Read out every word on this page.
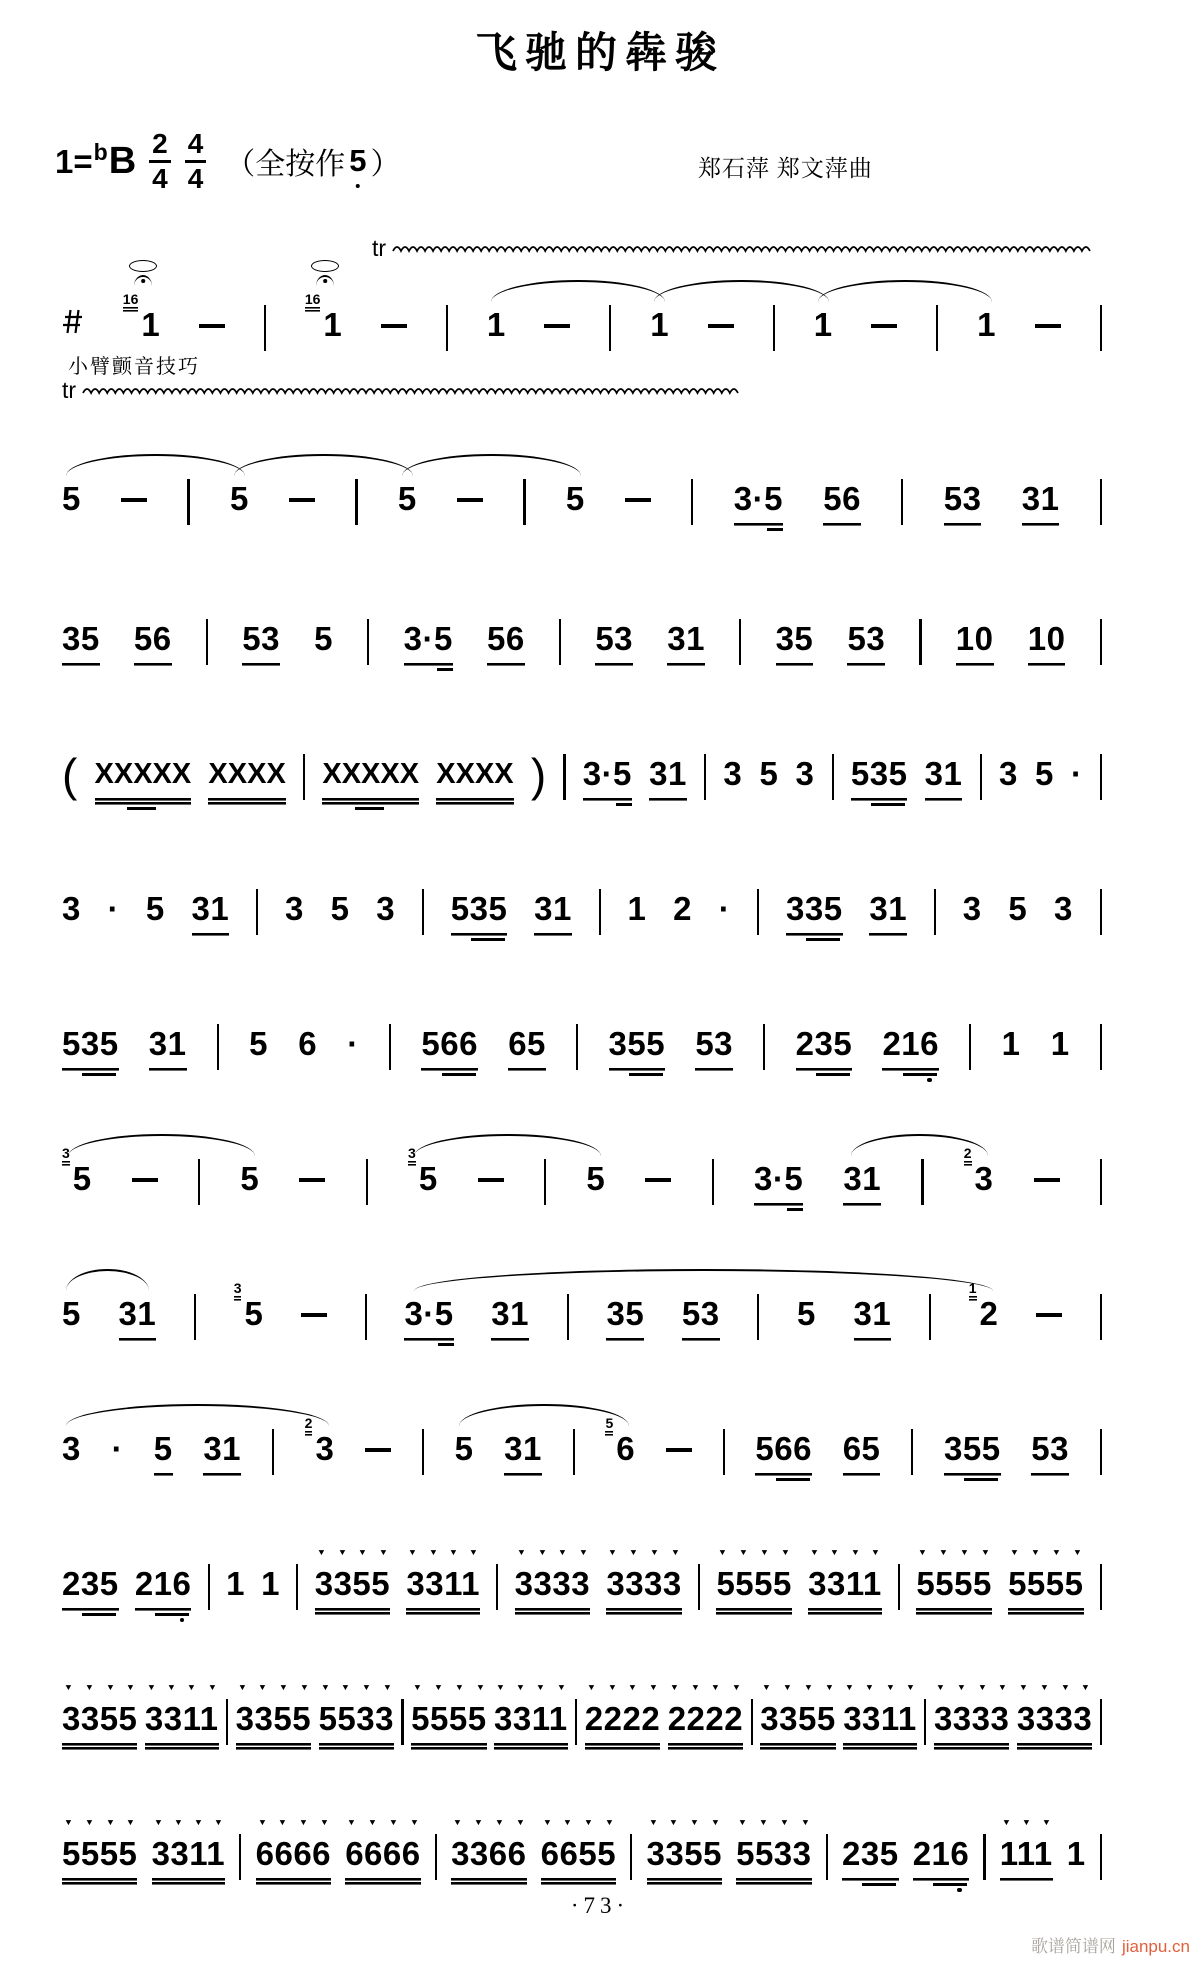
飞驰的犇骏
1=bB 2
4
4
4 （ 全按作 5 ）	郑石萍 郑文萍曲
tr
小臂颤音技巧
tr
16
1
16
1	1	1	1	1
5	5	5	5	3·5 56	53 31
35 56 53 5 3·5 56 53 31 35 53 10 10
( XXXXX XXXX XXXXX XXXX ) 3·5 31 3 5 3 535 31 3 5 ·
3 · 5 31 3 5 3 535 31 1 2 · 335 31 3 5 3
535 31 5 6 · 566 65 355 53 235 216 1 1
3
5	5
3
5	5	3·5 31
2
3
5 31
3
5	3·5 31 35 53 5 31
1
2
3 · 5 31
2
3	5 31
5
6	566 65 355 53
235 216 1 1 3355
▼ ▼ ▼ ▼
3311
▼ ▼ ▼ ▼
3333
▼ ▼ ▼ ▼
3333
▼ ▼ ▼ ▼
5555
▼ ▼ ▼ ▼
3311
▼ ▼ ▼ ▼
5555
▼ ▼ ▼ ▼
5555
▼ ▼ ▼ ▼
3355
▼ ▼ ▼ ▼
3311
▼ ▼ ▼ ▼
3355
▼ ▼ ▼ ▼
5533
▼ ▼ ▼ ▼
5555
▼ ▼ ▼ ▼
3311
▼ ▼ ▼ ▼
2222
▼ ▼ ▼ ▼
2222
▼ ▼ ▼ ▼
3355
▼ ▼ ▼ ▼
3311
▼ ▼ ▼ ▼
3333
▼ ▼ ▼ ▼
3333
▼ ▼ ▼ ▼
5555
▼ ▼ ▼ ▼
3311
▼ ▼ ▼ ▼
6666
▼ ▼ ▼ ▼
6666
▼ ▼ ▼ ▼
3366
▼ ▼ ▼ ▼
6655
▼ ▼ ▼ ▼
3355
▼ ▼ ▼ ▼
5533
▼ ▼ ▼ ▼
235 216 111
▼ ▼ ▼
1
·73·
歌谱简谱网 jianpu.cn
